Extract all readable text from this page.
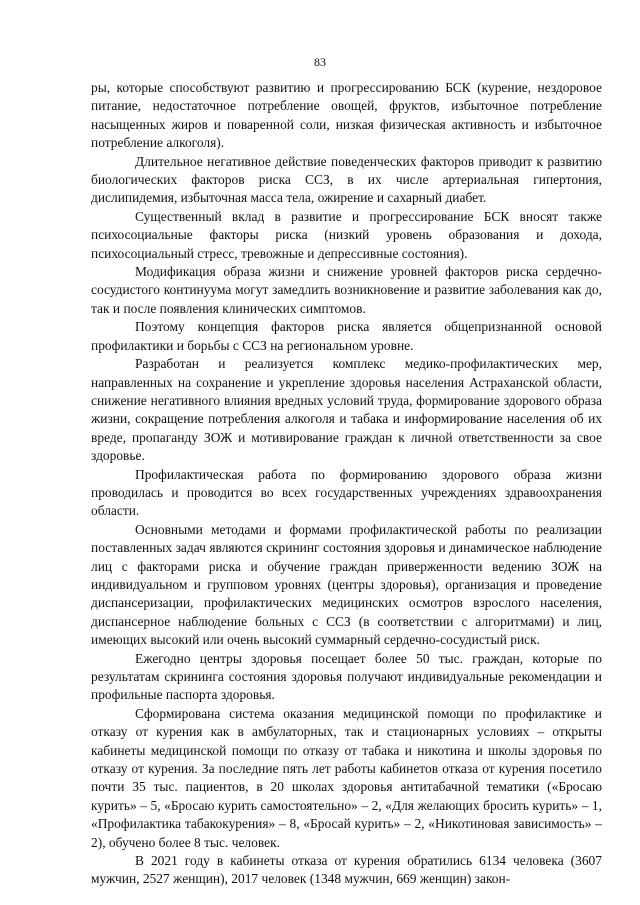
83

ры, которые способствуют развитию и прогрессированию БСК (курение, нездоровое питание, недостаточное потребление овощей, фруктов, избыточное потребление насыщенных жиров и поваренной соли, низкая физическая активность и избыточное потребление алкоголя).

Длительное негативное действие поведенческих факторов приводит к развитию биологических факторов риска ССЗ, в их числе артериальная гипертония, дислипидемия, избыточная масса тела, ожирение и сахарный диабет.

Существенный вклад в развитие и прогрессирование БСК вносят также психосоциальные факторы риска (низкий уровень образования и дохода, психосоциальный стресс, тревожные и депрессивные состояния).

Модификация образа жизни и снижение уровней факторов риска сердечно-сосудистого континуума могут замедлить возникновение и развитие заболевания как до, так и после появления клинических симптомов.

Поэтому концепция факторов риска является общепризнанной основой профилактики и борьбы с ССЗ на региональном уровне.

Разработан и реализуется комплекс медико-профилактических мер, направленных на сохранение и укрепление здоровья населения Астраханской области, снижение негативного влияния вредных условий труда, формирование здорового образа жизни, сокращение потребления алкоголя и табака и информирование населения об их вреде, пропаганду ЗОЖ и мотивирование граждан к личной ответственности за свое здоровье.

Профилактическая работа по формированию здорового образа жизни проводилась и проводится во всех государственных учреждениях здравоохранения области.

Основными методами и формами профилактической работы по реализации поставленных задач являются скрининг состояния здоровья и динамическое наблюдение лиц с факторами риска и обучение граждан приверженности ведению ЗОЖ на индивидуальном и групповом уровнях (центры здоровья), организация и проведение диспансеризации, профилактических медицинских осмотров взрослого населения, диспансерное наблюдение больных с ССЗ (в соответствии с алгоритмами) и лиц, имеющих высокий или очень высокий суммарный сердечно-сосудистый риск.

Ежегодно центры здоровья посещает более 50 тыс. граждан, которые по результатам скрининга состояния здоровья получают индивидуальные рекомендации и профильные паспорта здоровья.

Сформирована система оказания медицинской помощи по профилактике и отказу от курения как в амбулаторных, так и стационарных условиях – открыты кабинеты медицинской помощи по отказу от табака и никотина и школы здоровья по отказу от курения. За последние пять лет работы кабинетов отказа от курения посетило почти 35 тыс. пациентов, в 20 школах здоровья антитабачной тематики («Бросаю курить» – 5, «Бросаю курить самостоятельно» – 2, «Для желающих бросить курить» – 1, «Профилактика табакокурения» – 8, «Бросай курить» – 2, «Никотиновая зависимость» – 2), обучено более 8 тыс. человек.

В 2021 году в кабинеты отказа от курения обратились 6134 человека (3607 мужчин, 2527 женщин), 2017 человек (1348 мужчин, 669 женщин) закон-
